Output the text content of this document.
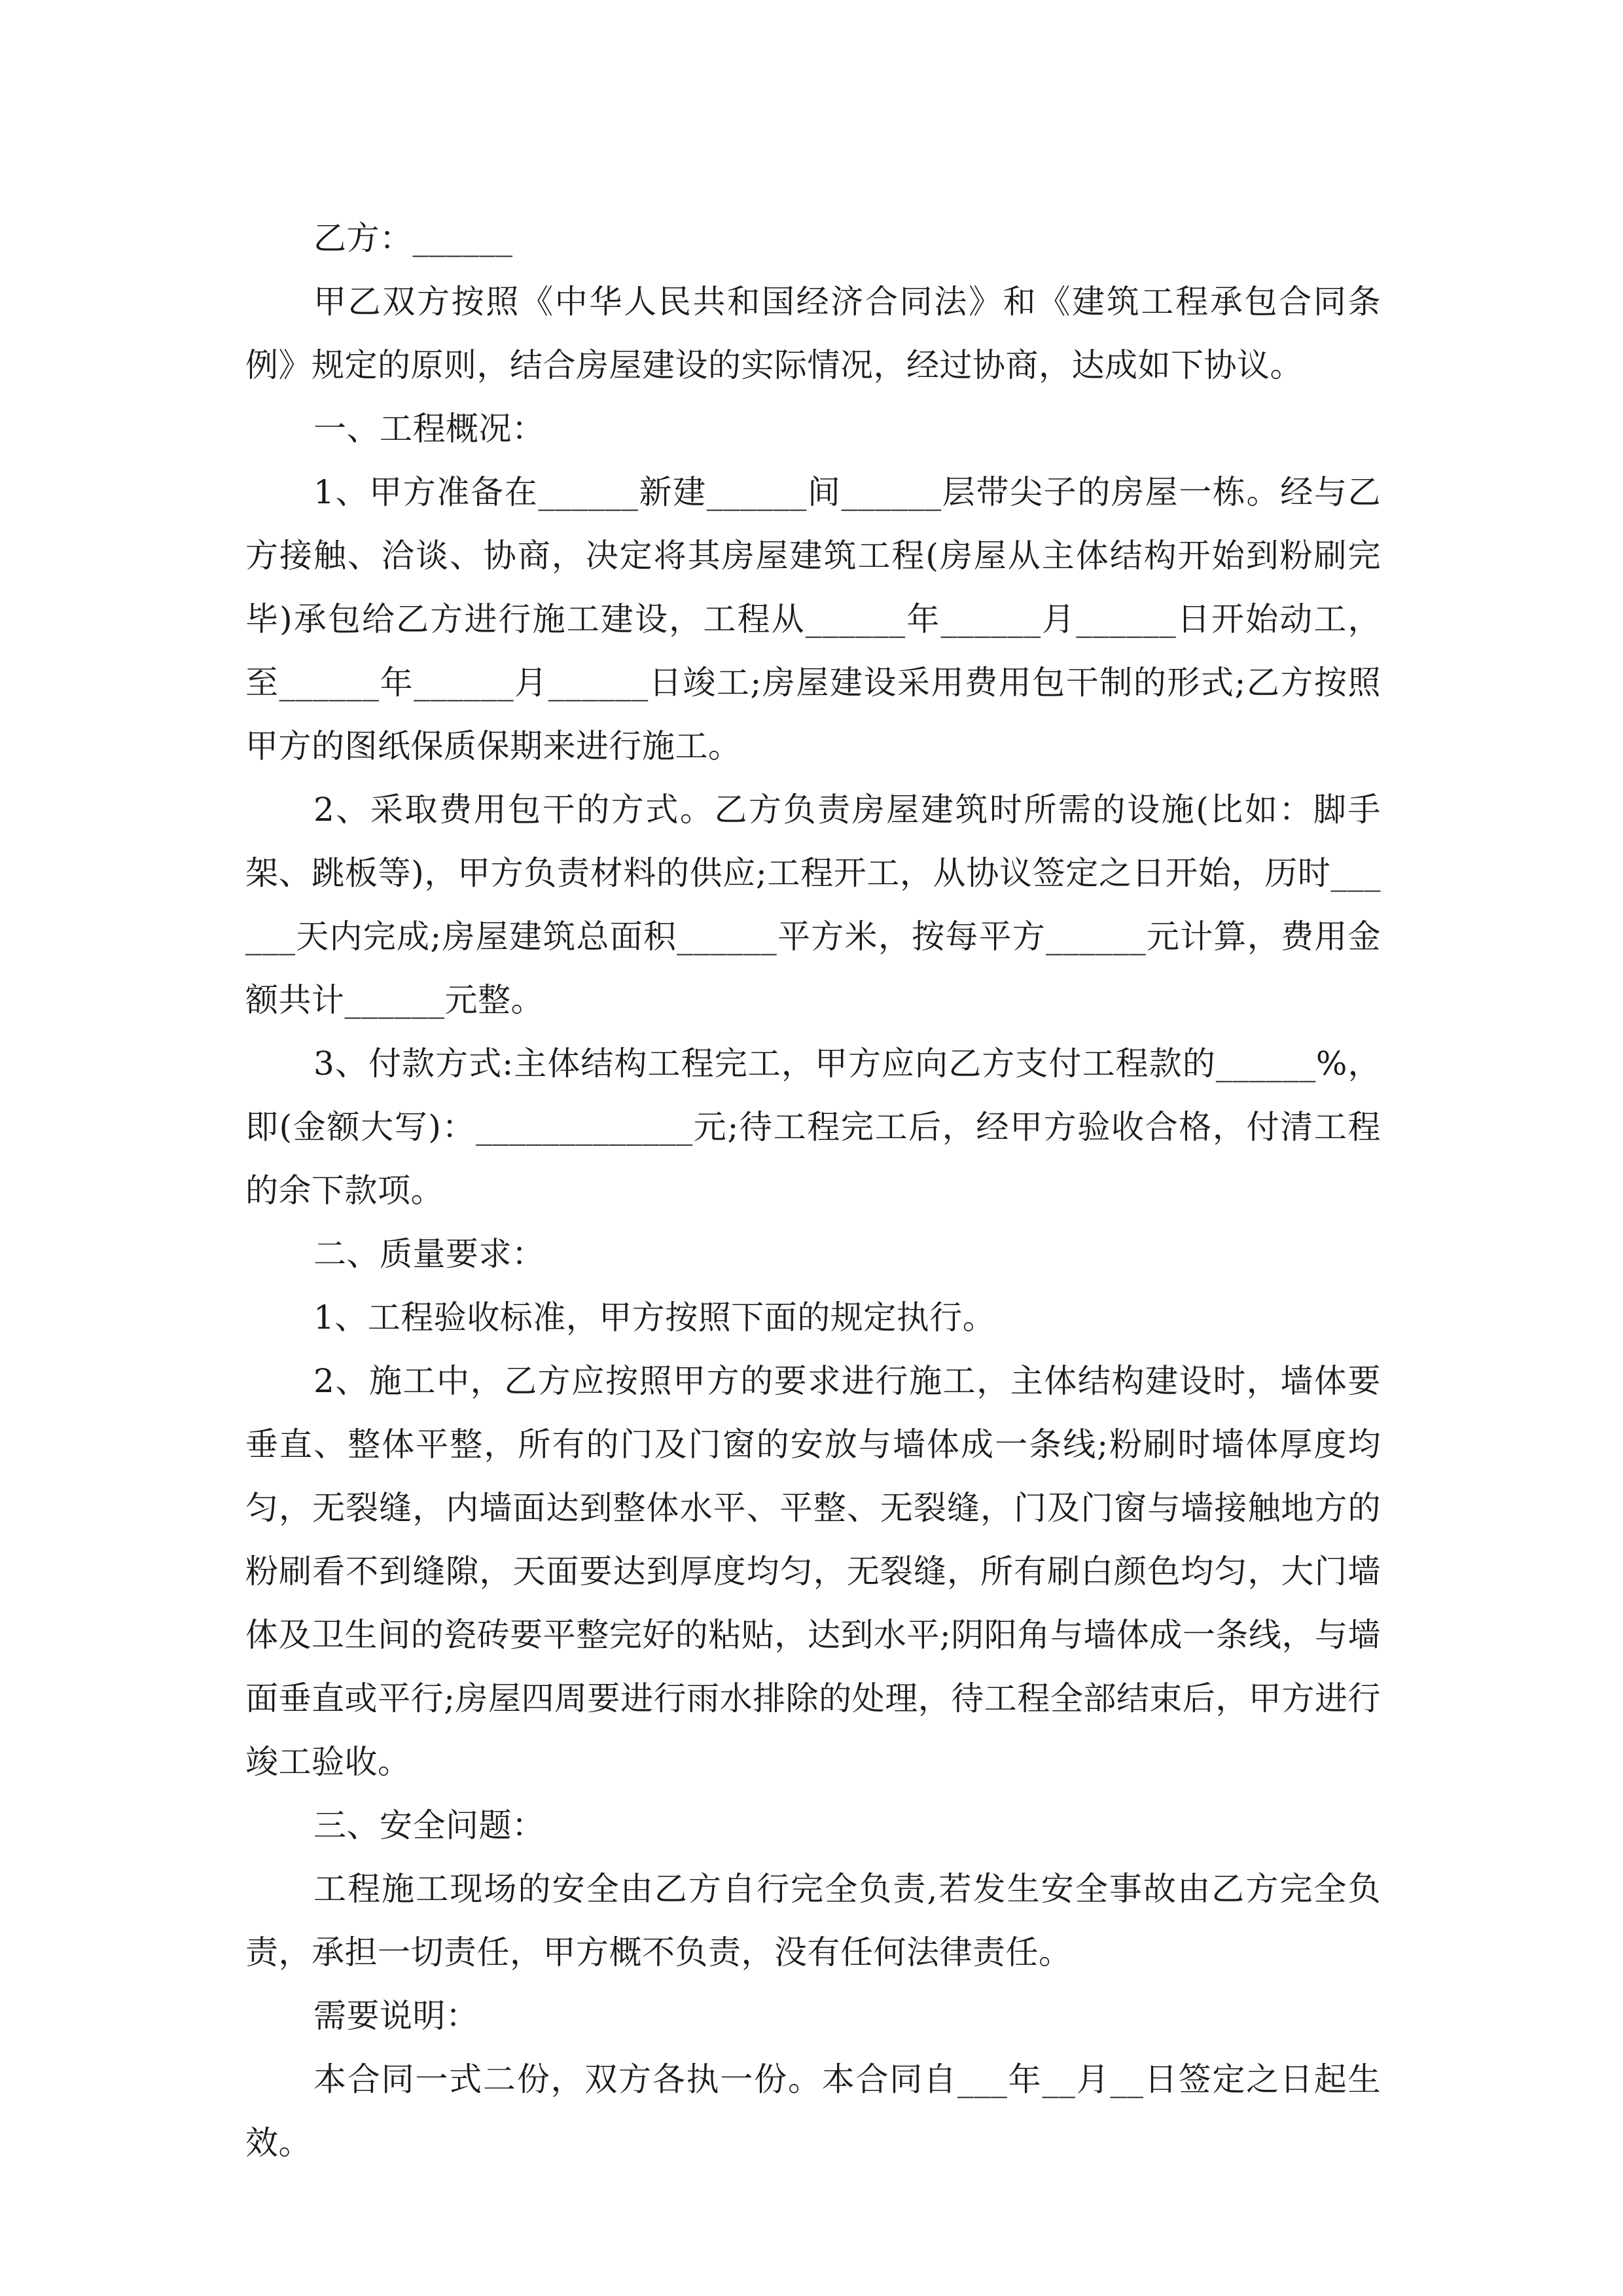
乙方：______

甲乙双方按照《中华人民共和国经济合同法》和《建筑工程承包合同条例》规定的原则，结合房屋建设的实际情况，经过协商，达成如下协议。

一、工程概况：

1、甲方准备在______新建______间______层带尖子的房屋一栋。经与乙方接触、洽谈、协商，决定将其房屋建筑工程(房屋从主体结构开始到粉刷完毕)承包给乙方进行施工建设，工程从______年______月______日开始动工，至______年______月______日竣工;房屋建设采用费用包干制的形式;乙方按照甲方的图纸保质保期来进行施工。

2、采取费用包干的方式。乙方负责房屋建筑时所需的设施(比如：脚手架、跳板等)，甲方负责材料的供应;工程开工，从协议签定之日开始，历时______天内完成;房屋建筑总面积______平方米，按每平方______元计算，费用金额共计______元整。

3、付款方式:主体结构工程完工，甲方应向乙方支付工程款的______%，即(金额大写)：_____________元;待工程完工后，经甲方验收合格，付清工程的余下款项。

二、质量要求：

1、工程验收标准，甲方按照下面的规定执行。

2、施工中，乙方应按照甲方的要求进行施工，主体结构建设时，墙体要垂直、整体平整，所有的门及门窗的安放与墙体成一条线;粉刷时墙体厚度均匀，无裂缝，内墙面达到整体水平、平整、无裂缝，门及门窗与墙接触地方的粉刷看不到缝隙，天面要达到厚度均匀，无裂缝，所有刷白颜色均匀，大门墙体及卫生间的瓷砖要平整完好的粘贴，达到水平;阴阳角与墙体成一条线，与墙面垂直或平行;房屋四周要进行雨水排除的处理，待工程全部结束后，甲方进行竣工验收。

三、安全问题：

工程施工现场的安全由乙方自行完全负责,若发生安全事故由乙方完全负责，承担一切责任，甲方概不负责，没有任何法律责任。

需要说明：

本合同一式二份，双方各执一份。本合同自___年__月__日签定之日起生效。
